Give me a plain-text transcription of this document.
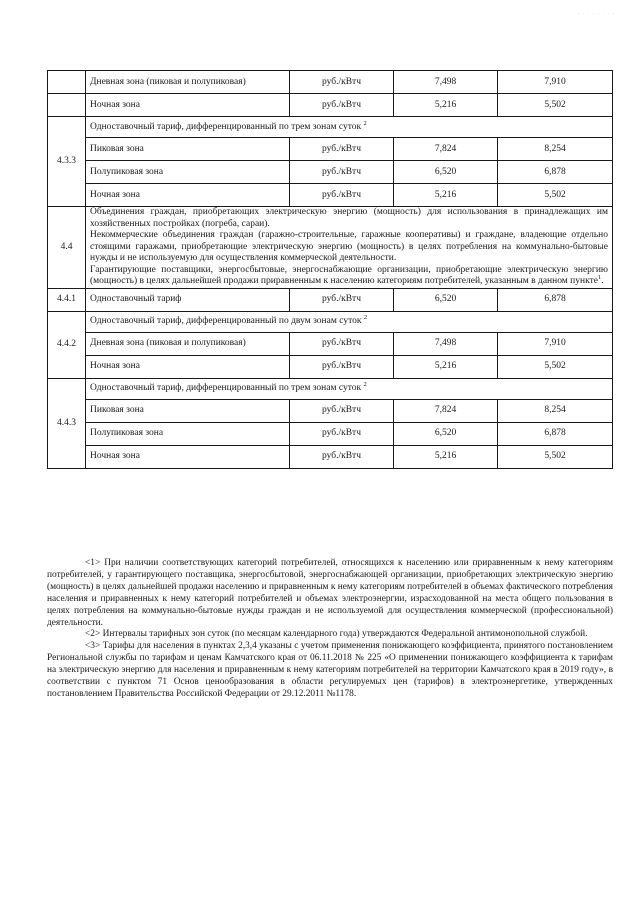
· · · · · · · · ·
	Дневная зона (пиковая и полупиковая)	руб./кВтч	7,498	7,910
	Ночная зона	руб./кВтч	5,216	5,502
4.3.3	Одноставочный тариф, дифференцированный по трем зонам суток $^2$
	Пиковая зона	руб./кВтч	7,824	8,254
	Полупиковая зона	руб./кВтч	6,520	6,878
	Ночная зона	руб./кВтч	5,216	5,502
4.4	Объединения граждан, приобретающих электрическую энергию (мощность) для использования в принадлежащих им хозяйственных постройках (погреба, сараи).

Некоммерческие объединения граждан (гаражно-строительные, гаражные кооперативы) и граждане, владеющие отдельно стоящими гаражами, приобретающие электрическую энергию (мощность) в целях потребления на коммунально-бытовые нужды и не используемую для осуществления коммерческой деятельности.

Гарантирующие поставщики, энергосбытовые, энергоснабжающие организации, приобретающие электрическую энергию (мощность) в целях дальнейшей продажи приравненным к населению категориям потребителей, указанным в данном пункте$^1$.			

4.4.1	Одноставочный тариф	руб./кВтч	6,520	6,878
4.4.2	Одноставочный тариф, дифференцированный по двум зонам суток $^2$
	Дневная зона (пиковая и полупиковая)	руб./кВтч	7,498	7,910
	Ночная зона	руб./кВтч	5,216	5,502
4.4.3	Одноставочный тариф, дифференцированный по трем зонам суток $^2$
	Пиковая зона	руб./кВтч	7,824	8,254
	Полупиковая зона	руб./кВтч	6,520	6,878
	Ночная зона	руб./кВтч	5,216	5,502

<1> При наличии соответствующих категорий потребителей, относящихся к населению или приравненным к нему категориям потребителей, у гарантирующего поставщика, энергосбытовой, энергоснабжающей организации, приобретающих электрическую энергию (мощность) в целях дальнейшей продажи населению и приравненным к нему категориям потребителей в объемах фактического потребления населения и приравненных к нему категорий потребителей и объемах электроэнергии, израсходованной на места общего пользования в целях потребления на коммунально-бытовые нужды граждан и не используемой для осуществления коммерческой (профессиональной) деятельности.

<2> Интервалы тарифных зон суток (по месяцам календарного года) утверждаются Федеральной антимонопольной службой.

<3> Тарифы для населения в пунктах 2,3,4 указаны с учетом применения понижающего коэффициента, принятого постановлением Региональной службы по тарифам и ценам Камчатского края от 06.11.2018 № 225 «О применении понижающего коэффициента к тарифам на электрическую энергию для населения и приравненным к нему категориям потребителей на территории Камчатского края в 2019 году», в соответствии с пунктом 71 Основ ценообразования в области регулируемых цен (тарифов) в электроэнергетике, утвержденных постановлением Правительства Российской Федерации от 29.12.2011 №1178.
